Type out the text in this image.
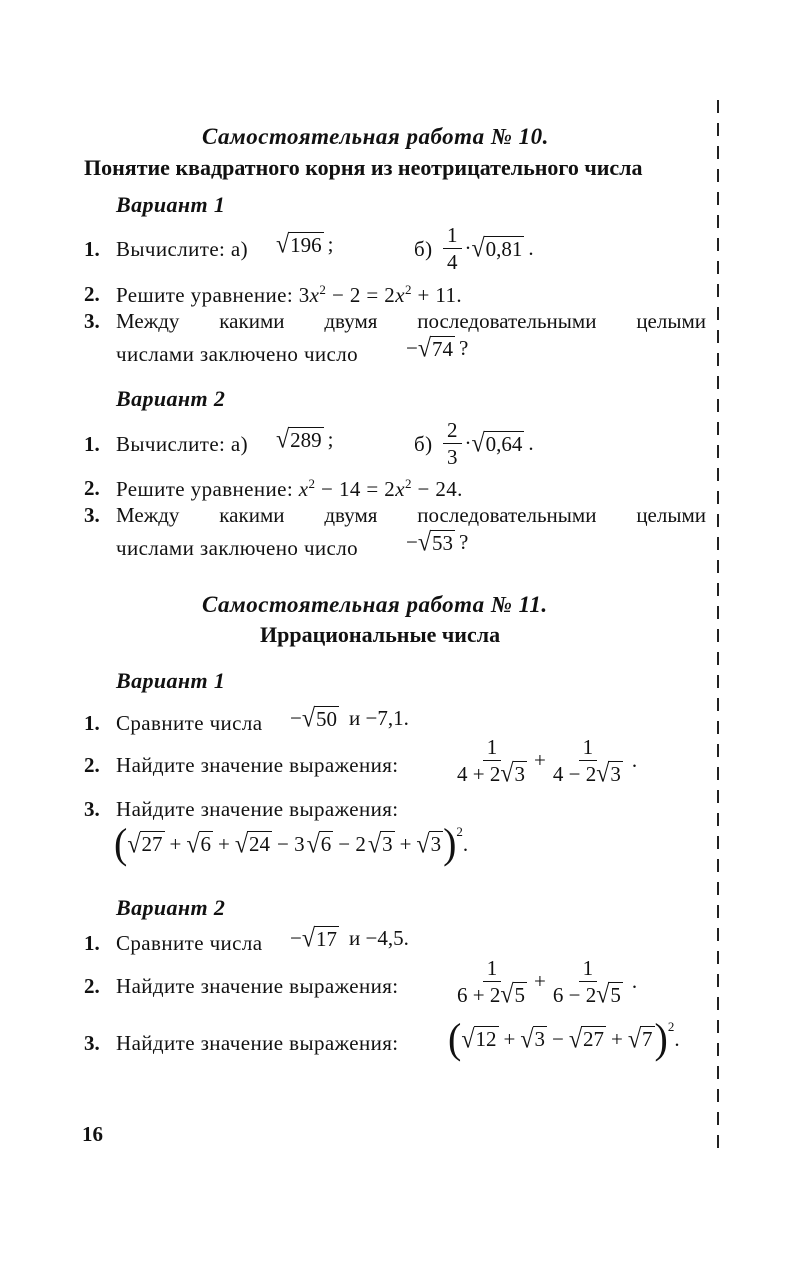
Самостоятельная работа № 10.
Понятие квадратного корня из неотрицательного числа
Вариант 1
1. Вычислите: а) √ 196 ;	$б) \frac{1}{4}$ · √ 0,81 .
2. Решите уравнение: $3x^2 - 2 = 2x^2 + 11$.
3. Между какими двумя последовательными целыми
числами заключено число − √ 74 ?
Вариант 2
1. Вычислите: а) √ 289 ;	$б) \frac{2}{3}$ · √ 0,64 .
2. Решите уравнение: $x^2 - 14 = 2x^2 - 24$.
3. Между какими двумя последовательными целыми
числами заключено число − √ 53 ?
Самостоятельная работа № 11.
Иррациональные числа
Вариант 1
1. Сравните числа − √ 50 и −7,1.
2. Найдите значение выражения:	$\frac{1}{4 + 2 √ 3} + \frac{1}{4 - 2 √ 3}$ .
3. Найдите значение выражения:
( √ 27 + √ 6 + √ 24 − 3 √ 6 − 2 √ 3 + √ 3 )$^2$ .
Вариант 2
1. Сравните числа − √ 17 и −4,5.
2. Найдите значение выражения:	$\frac{1}{6 + 2 √ 5} + \frac{1}{6 - 2 √ 5}$ .
3. Найдите значение выражения: ( √ 12 + √ 3 − √ 27 + √ 7 )$^2$ .
16
